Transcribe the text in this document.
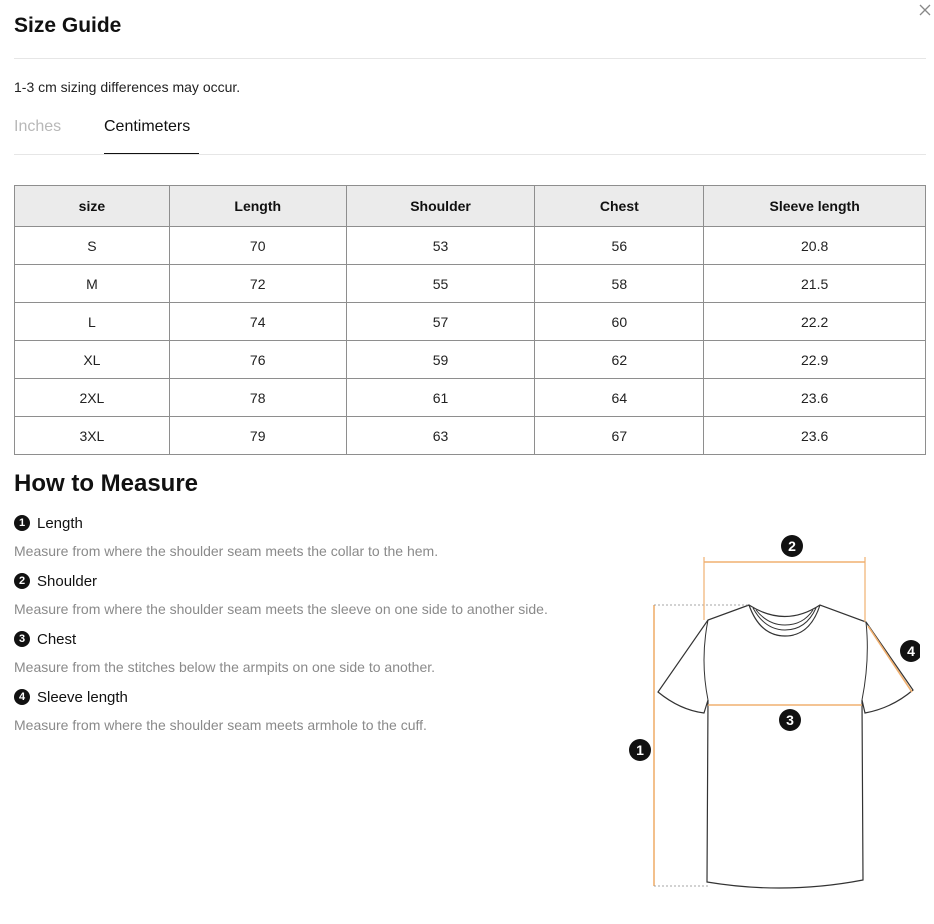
Size Guide
1-3 cm sizing differences may occur.
Inches	Centimeters
size	Length	Shoulder	Chest	Sleeve length
S	70	53	56	20.8
M	72	55	58	21.5
L	74	57	60	22.2
XL	76	59	62	22.9
2XL	78	61	64	23.6
3XL	79	63	67	23.6
How to Measure
1 Length
Measure from where the shoulder seam meets the collar to the hem.
2 Shoulder
Measure from where the shoulder seam meets the sleeve on one side to another side.
3 Chest
Measure from the stitches below the armpits on one side to another.
4 Sleeve length
Measure from where the shoulder seam meets armhole to the cuff.
1
2
3
4
